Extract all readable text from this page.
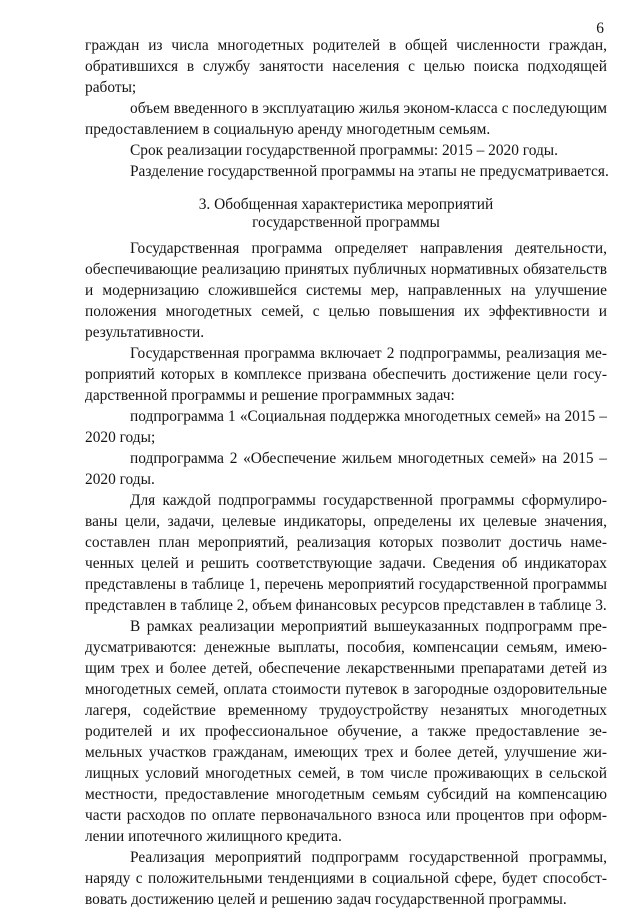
6

граждан из числа многодетных родителей в общей численности граждан, обратившихся в службу занятости населения с целью поиска подходящей работы;

объем введенного в эксплуатацию жилья эконом-класса с последующим предоставлением в социальную аренду многодетным семьям.

Срок реализации государственной программы: 2015 – 2020 годы.

Разделение государственной программы на этапы не предусматривается.

3. Обобщенная характеристика мероприятий

государственной программы

Государственная программа определяет направления деятельности, обеспечивающие реализацию принятых публичных нормативных обязательств и модернизацию сложившейся системы мер, направленных на улучшение положения многодетных семей, с целью повышения их эффективности и результативности.

Государственная программа включает 2 подпрограммы, реализация мероприятий которых в комплексе призвана обеспечить достижение цели государственной программы и решение программных задач:

подпрограмма 1 «Социальная поддержка многодетных семей» на 2015 – 2020 годы;

подпрограмма 2 «Обеспечение жильем многодетных семей» на 2015 – 2020 годы.

Для каждой подпрограммы государственной программы сформулированы цели, задачи, целевые индикаторы, определены их целевые значения, составлен план мероприятий, реализация которых позволит достичь намеченных целей и решить соответствующие задачи. Сведения об индикаторах представлены в таблице 1, перечень мероприятий государственной программы представлен в таблице 2, объем финансовых ресурсов представлен в таблице 3.

В рамках реализации мероприятий вышеуказанных подпрограмм предусматриваются: денежные выплаты, пособия, компенсации семьям, имеющим трех и более детей, обеспечение лекарственными препаратами детей из многодетных семей, оплата стоимости путевок в загородные оздоровительные лагеря, содействие временному трудоустройству незанятых многодетных родителей и их профессиональное обучение, а также предоставление земельных участков гражданам, имеющих трех и более детей, улучшение жилищных условий многодетных семей, в том числе проживающих в сельской местности, предоставление многодетным семьям субсидий на компенсацию части расходов по оплате первоначального взноса или процентов при оформлении ипотечного жилищного кредита.

Реализация мероприятий подпрограмм государственной программы, наряду с положительными тенденциями в социальной сфере, будет способствовать достижению целей и решению задач государственной программы.
